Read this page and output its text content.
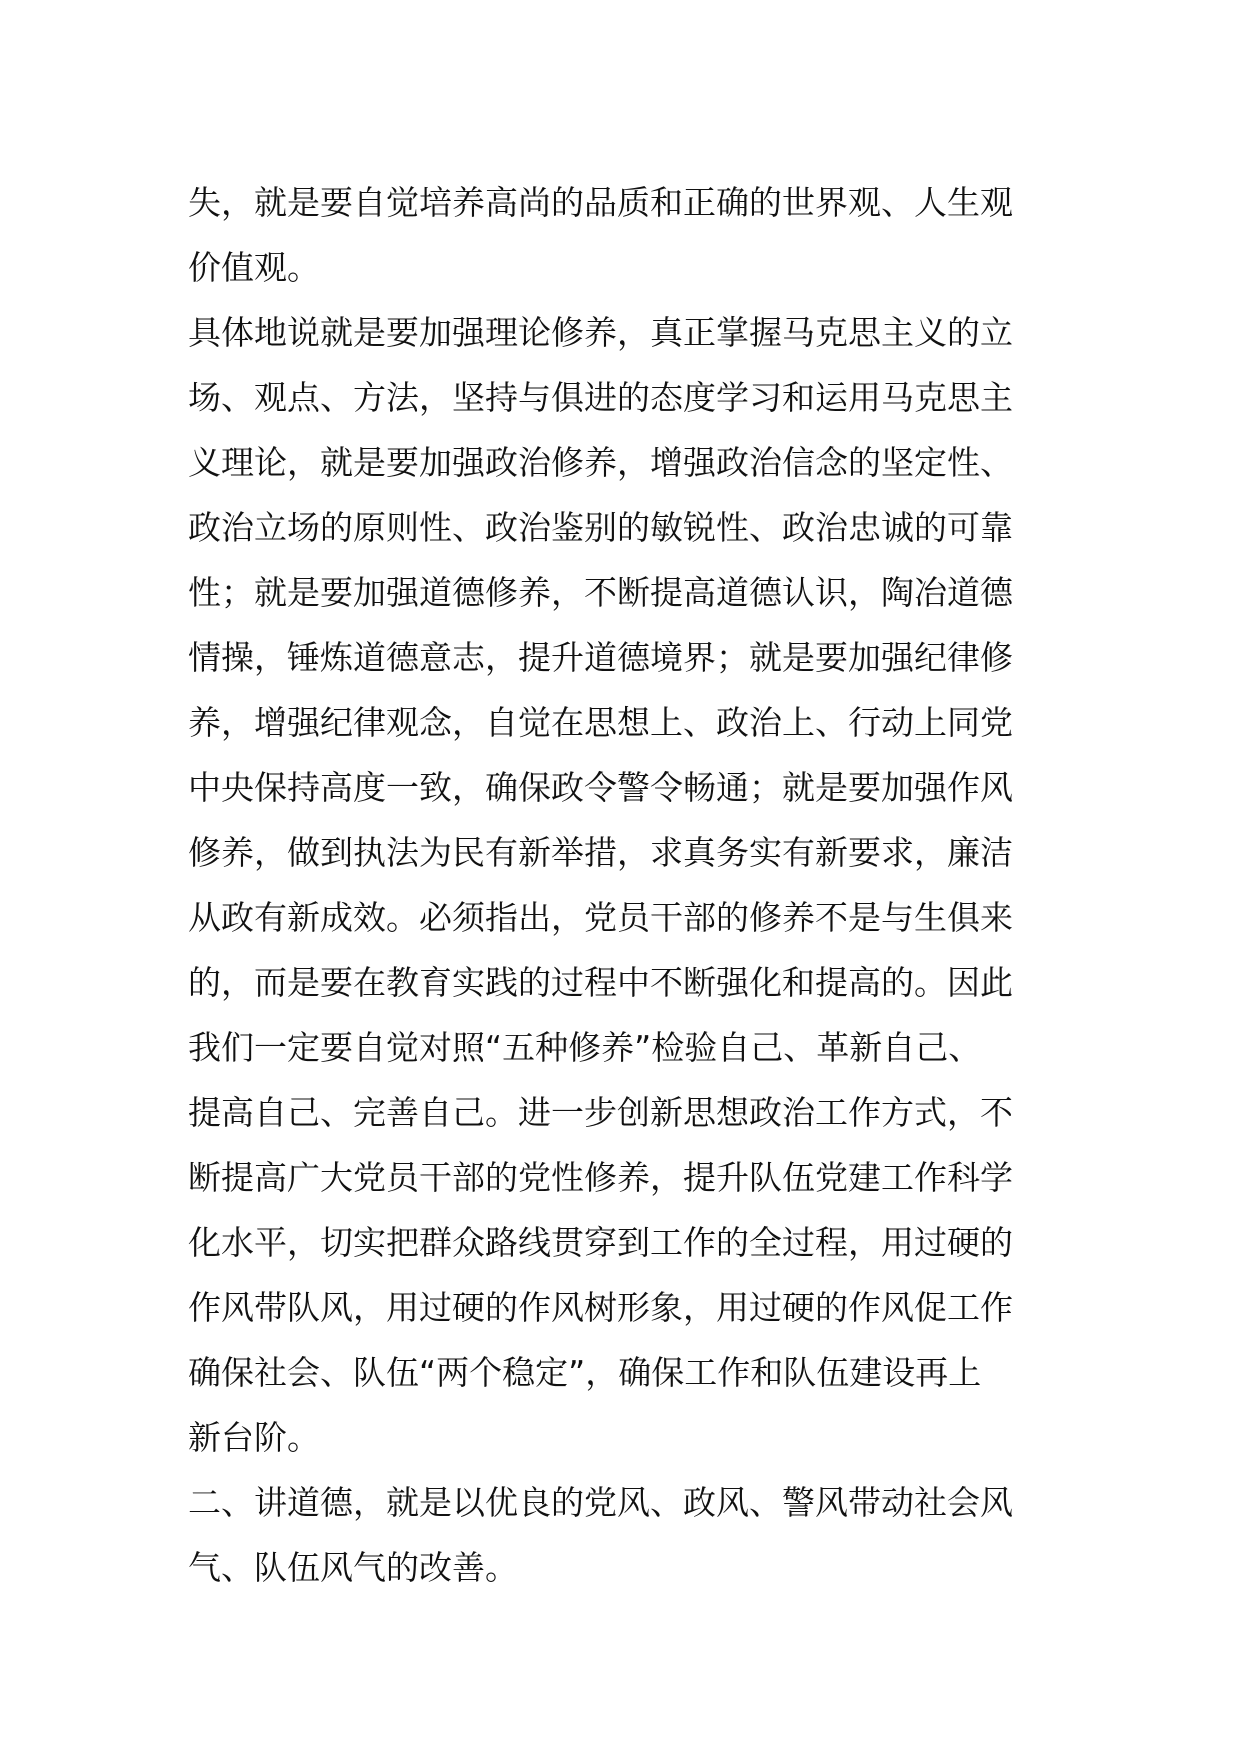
失，就是要自觉培养高尚的品质和正确的世界观、人生观
价值观。

具体地说就是要加强理论修养，真正掌握马克思主义的立
场、观点、方法，坚持与俱进的态度学习和运用马克思主
义理论，就是要加强政治修养，增强政治信念的坚定性、
政治立场的原则性、政治鉴别的敏锐性、政治忠诚的可靠
性；就是要加强道德修养，不断提高道德认识，陶冶道德
情操，锤炼道德意志，提升道德境界；就是要加强纪律修
养，增强纪律观念，自觉在思想上、政治上、行动上同党
中央保持高度一致，确保政令警令畅通；就是要加强作风
修养，做到执法为民有新举措，求真务实有新要求，廉洁
从政有新成效。必须指出，党员干部的修养不是与生俱来
的，而是要在教育实践的过程中不断强化和提高的。因此
我们一定要自觉对照“五种修养”检验自己、革新自己、
提高自己、完善自己。进一步创新思想政治工作方式，不
断提高广大党员干部的党性修养，提升队伍党建工作科学
化水平，切实把群众路线贯穿到工作的全过程，用过硬的
作风带队风，用过硬的作风树形象，用过硬的作风促工作
确保社会、队伍“两个稳定”，确保工作和队伍建设再上
新台阶。

二、讲道德，就是以优良的党风、政风、警风带动社会风
气、队伍风气的改善。
